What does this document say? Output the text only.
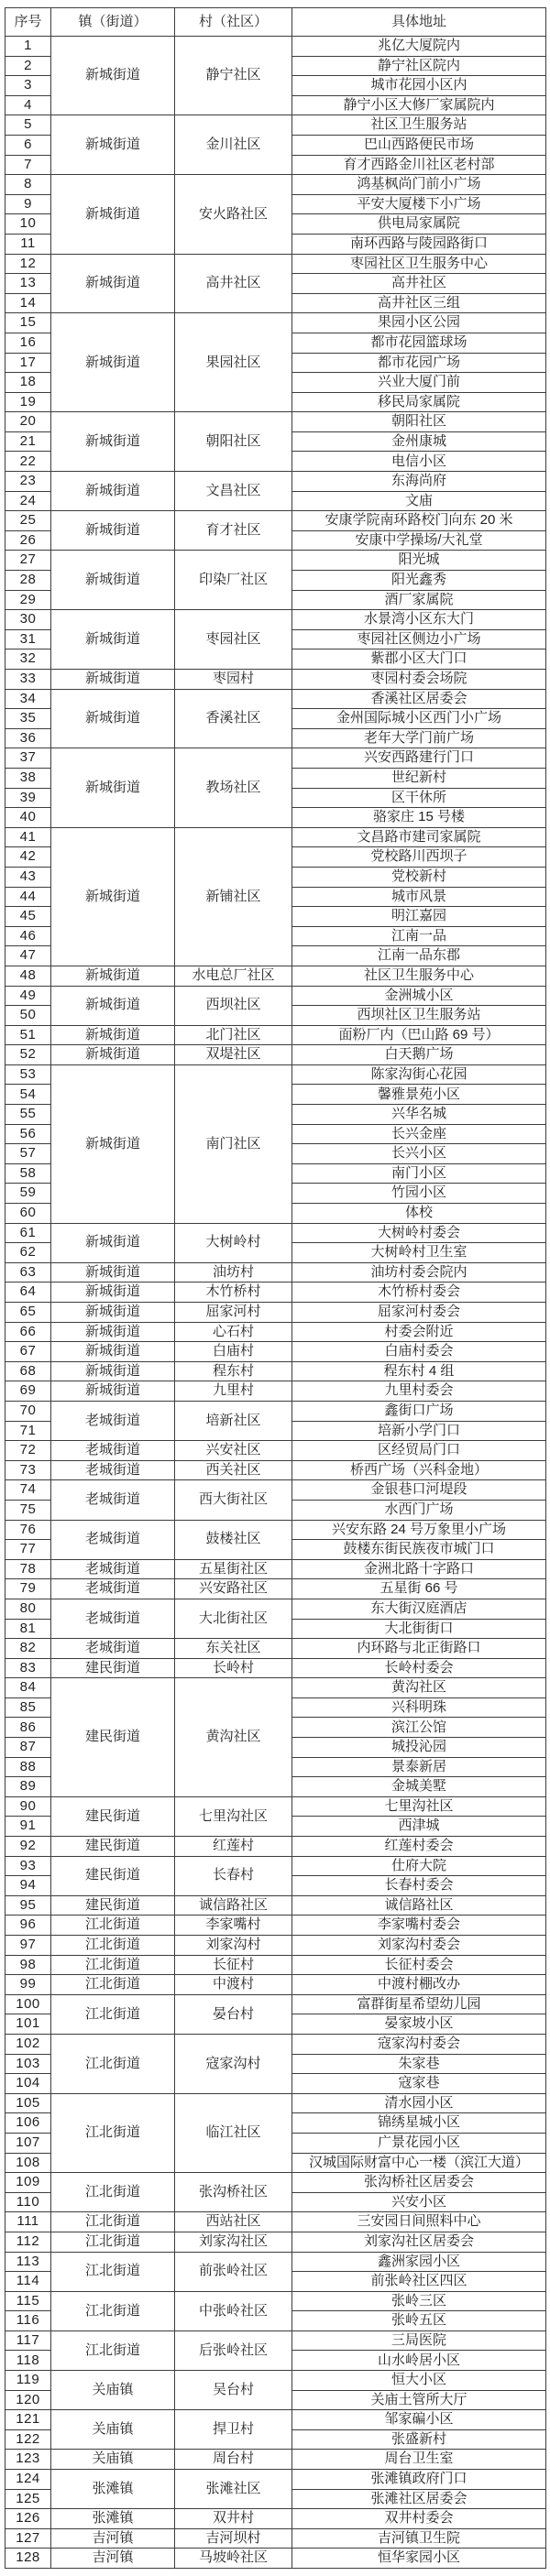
序号	镇（街道）	村（社区）	具体地址
1	新城街道	静宁社区	兆亿大厦院内
2			静宁社区院内
3			城市花园小区内
4			静宁小区大修厂家属院内
5	新城街道	金川社区	社区卫生服务站
6			巴山西路便民市场
7			育才西路金川社区老村部
8	新城街道	安火路社区	鸿基枫尚门前小广场
9			平安大厦楼下小广场
10			供电局家属院
11			南环西路与陵园路街口
12	新城街道	高井社区	枣园社区卫生服务中心
13			高井社区
14			高井社区三组
15	新城街道	果园社区	果园小区公园
16			都市花园篮球场
17			都市花园广场
18			兴业大厦门前
19			移民局家属院
20	新城街道	朝阳社区	朝阳社区
21			金州康城
22			电信小区
23	新城街道	文昌社区	东海尚府
24			文庙
25	新城街道	育才社区	安康学院南环路校门向东 20 米
26			安康中学操场/大礼堂
27	新城街道	印染厂社区	阳光城
28			阳光鑫秀
29			酒厂家属院
30	新城街道	枣园社区	水景湾小区东大门
31			枣园社区侧边小广场
32			紫郡小区大门口
33	新城街道	枣园村	枣园村委会场院
34	新城街道	香溪社区	香溪社区居委会
35			金州国际城小区西门小广场
36			老年大学门前广场
37	新城街道	教场社区	兴安西路建行门口
38			世纪新村
39			区干休所
40			骆家庄 15 号楼
41	新城街道	新铺社区	文昌路市建司家属院
42			党校路川西坝子
43			党校新村
44			城市风景
45			明江嘉园
46			江南一品
47			江南一品东郡
48	新城街道	水电总厂社区	社区卫生服务中心
49	新城街道	西坝社区	金洲城小区
50			西坝社区卫生服务站
51	新城街道	北门社区	面粉厂内（巴山路 69 号）
52	新城街道	双堤社区	白天鹅广场
53	新城街道	南门社区	陈家沟街心花园
54			馨雅景苑小区
55			兴华名城
56			长兴金座
57			长兴小区
58			南门小区
59			竹园小区
60			体校
61	新城街道	大树岭村	大树岭村委会
62			大树岭村卫生室
63	新城街道	油坊村	油坊村委会院内
64	新城街道	木竹桥村	木竹桥村委会
65	新城街道	屈家河村	屈家河村委会
66	新城街道	心石村	村委会附近
67	新城街道	白庙村	白庙村委会
68	新城街道	程东村	程东村 4 组
69	新城街道	九里村	九里村委会
70	老城街道	培新社区	鑫街口广场
71			培新小学门口
72	老城街道	兴安社区	区经贸局门口
73	老城街道	西关社区	桥西广场（兴科金地）
74	老城街道	西大街社区	金银巷口河堤段
75			水西门广场
76	老城街道	鼓楼社区	兴安东路 24 号万象里小广场
77			鼓楼东街民族夜市城门口
78	老城街道	五星街社区	金洲北路十字路口
79	老城街道	兴安路社区	五星街 66 号
80	老城街道	大北街社区	东大街汉庭酒店
81			大北街街口
82	老城街道	东关社区	内环路与北正街路口
83	建民街道	长岭村	长岭村委会
84	建民街道	黄沟社区	黄沟社区
85			兴科明珠
86			滨江公馆
87			城投沁园
88			景泰新居
89			金城美墅
90	建民街道	七里沟社区	七里沟社区
91			西津城
92	建民街道	红莲村	红莲村委会
93	建民街道	长春村	仕府大院
94			长春村委会
95	建民街道	诚信路社区	诚信路社区
96	江北街道	李家嘴村	李家嘴村委会
97	江北街道	刘家沟村	刘家沟村委会
98	江北街道	长征村	长征村委会
99	江北街道	中渡村	中渡村棚改办
100	江北街道	晏台村	富群街星希望幼儿园
101			晏家坡小区
102	江北街道	寇家沟村	寇家沟村委会
103			朱家巷
104			寇家巷
105	江北街道	临江社区	清水园小区
106			锦绣星城小区
107			广景花园小区
108			汉城国际财富中心一楼（滨江大道）
109	江北街道	张沟桥社区	张沟桥社区居委会
110			兴安小区
111	江北街道	西站社区	三安园日间照料中心
112	江北街道	刘家沟社区	刘家沟社区居委会
113	江北街道	前张岭社区	鑫洲家园小区
114			前张岭社区四区
115	江北街道	中张岭社区	张岭三区
116			张岭五区
117	江北街道	后张岭社区	三局医院
118			山水岭居小区
119	关庙镇	吴台村	恒大小区
120			关庙土管所大厅
121	关庙镇	捍卫村	邹家碥小区
122			张盛新村
123	关庙镇	周台村	周台卫生室
124	张滩镇	张滩社区	张滩镇政府门口
125			张滩社区居委会
126	张滩镇	双井村	双井村委会
127	吉河镇	吉河坝村	吉河镇卫生院
128	吉河镇	马坡岭社区	恒华家园小区
